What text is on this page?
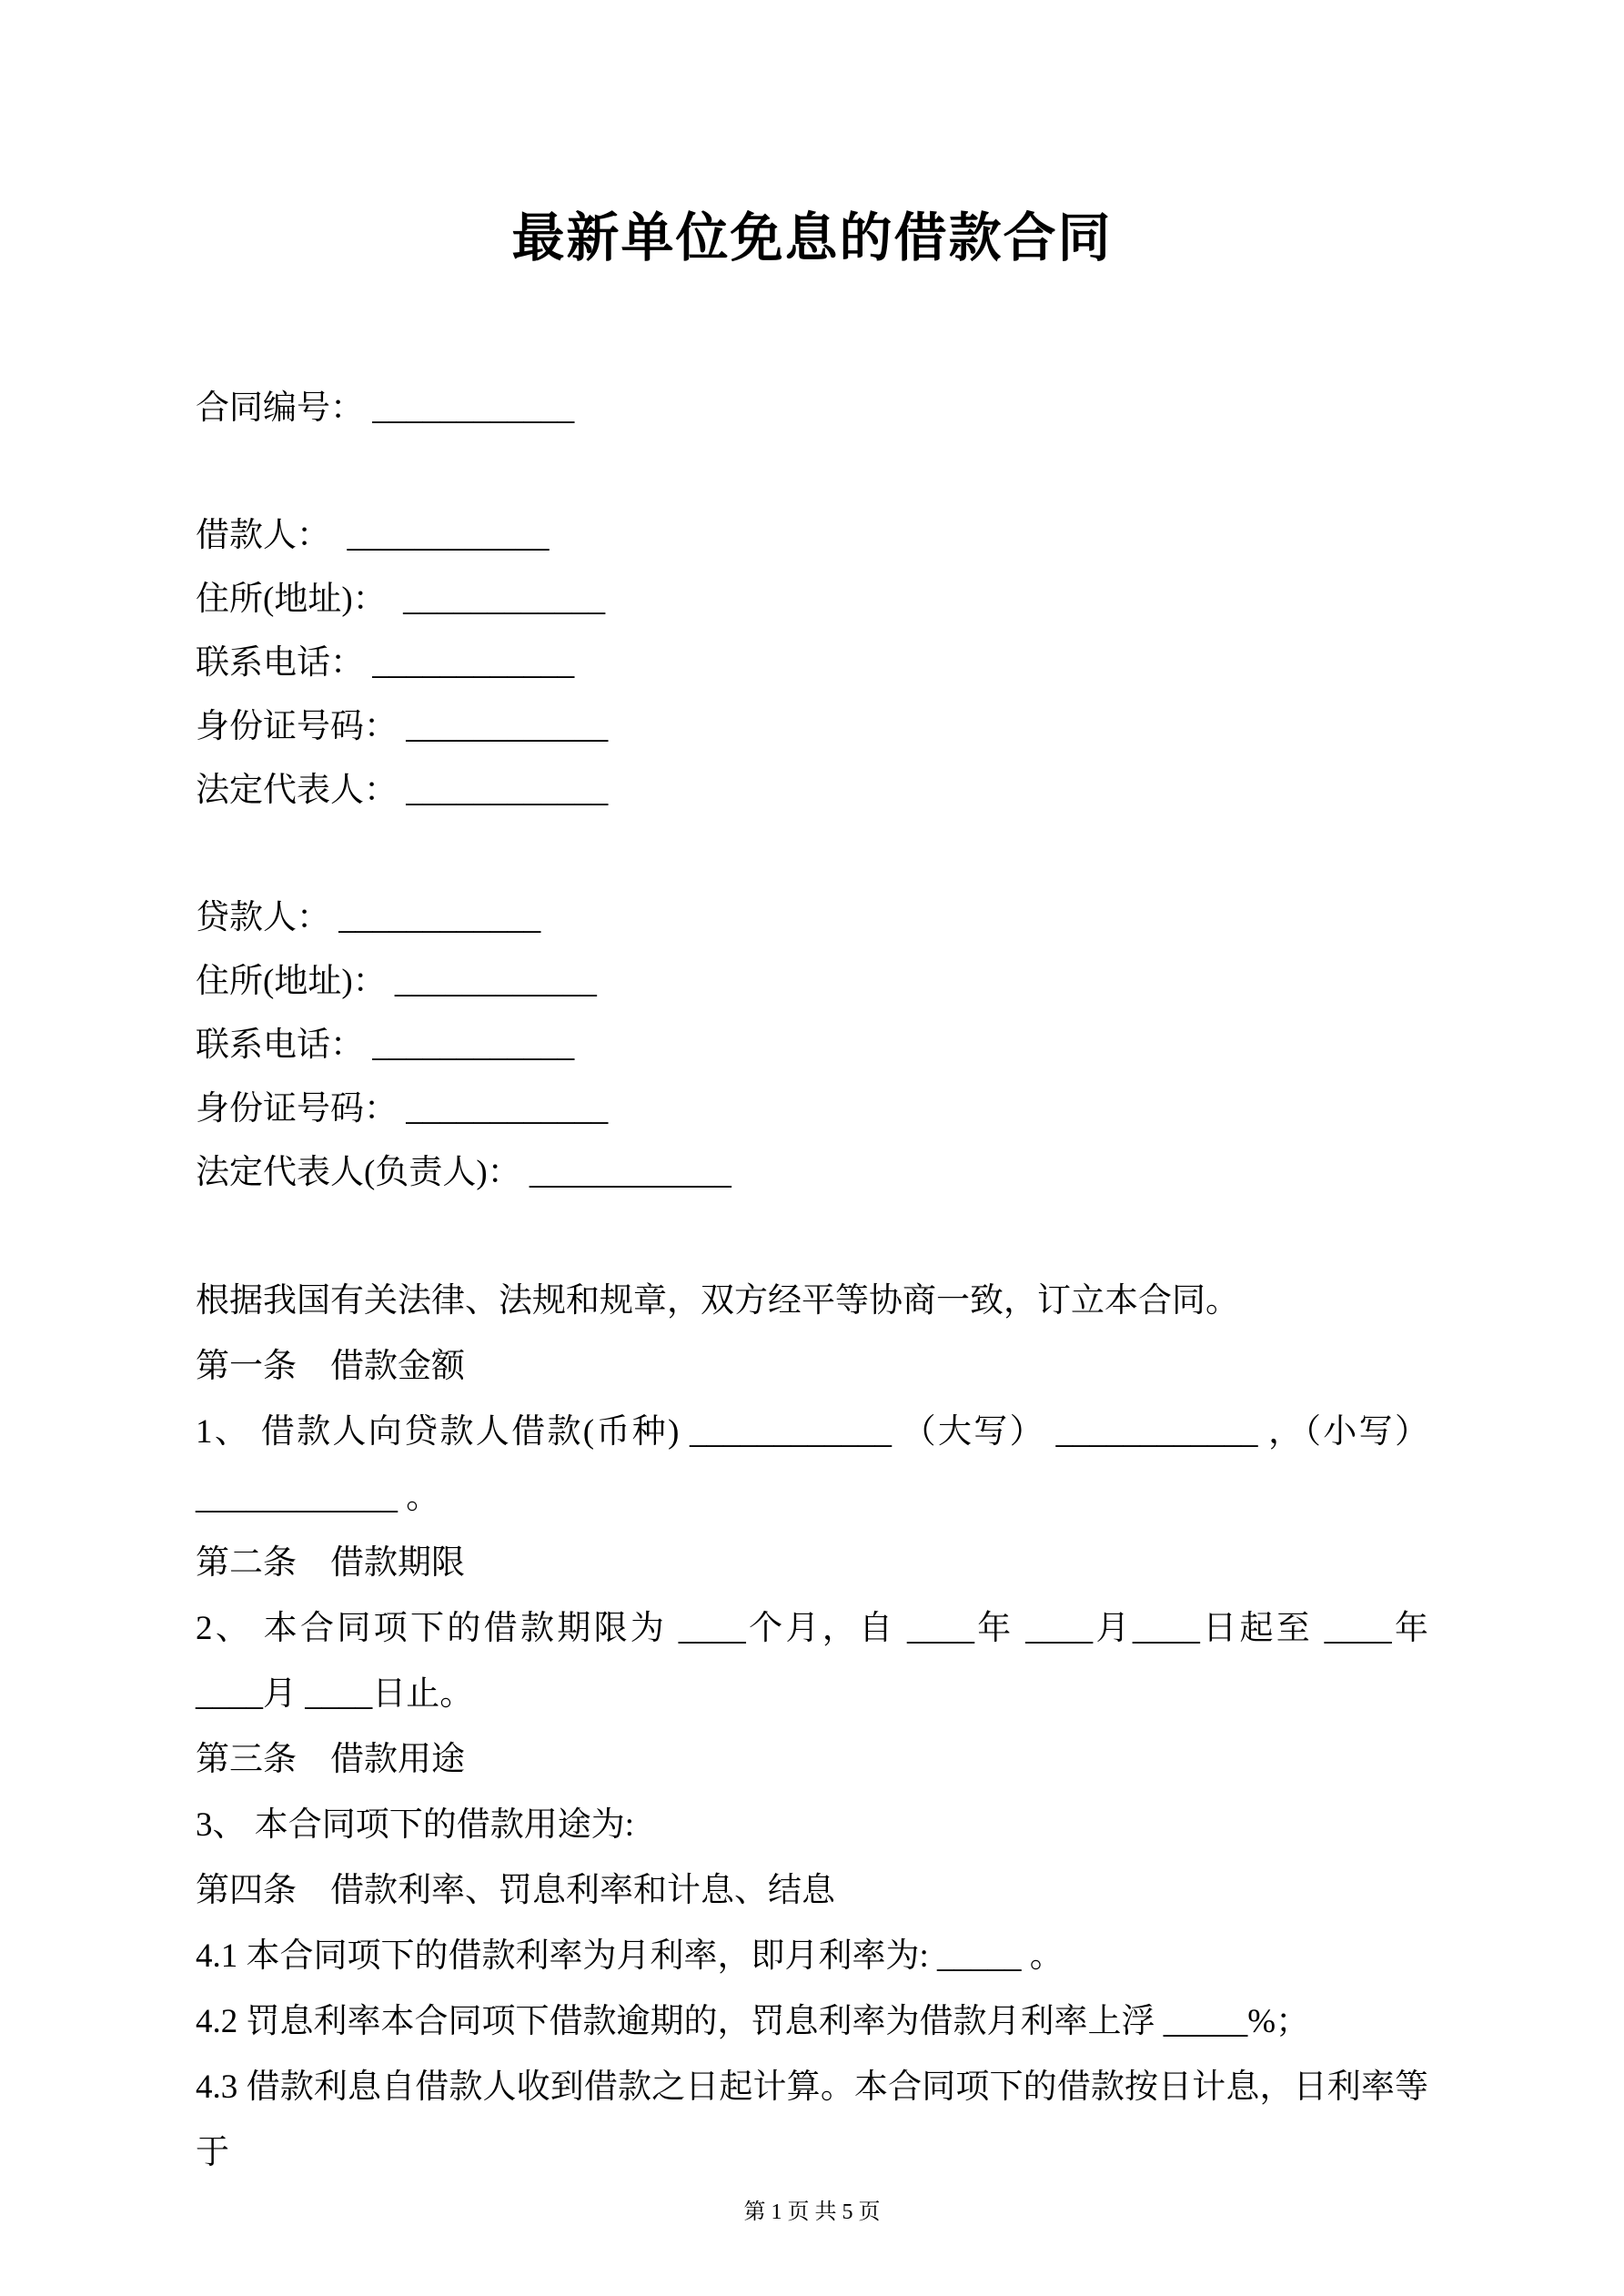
最新单位免息的借款合同
合同编号： ____________
借款人：  ____________
住所(地址)：  ____________
联系电话： ____________
身份证号码： ____________
法定代表人： ____________
贷款人： ____________
住所(地址)： ____________
联系电话： ____________
身份证号码： ____________
法定代表人(负责人)： ____________
根据我国有关法律、法规和规章，双方经平等协商一致，订立本合同。
第一条　借款金额
1、 借款人向贷款人借款(币种) ____________ （大写） ____________ ，（小写）
____________ 。
第二条　借款期限
2、 本合同项下的借款期限为 ____个月，自 ____年 ____月____日起至 ____年
____月 ____日止。
第三条　借款用途
3、 本合同项下的借款用途为:
第四条　借款利率、罚息利率和计息、结息
4.1 本合同项下的借款利率为月利率，即月利率为: _____ 。
4.2 罚息利率本合同项下借款逾期的，罚息利率为借款月利率上浮 _____%；
4.3 借款利息自借款人收到借款之日起计算。本合同项下的借款按日计息，日利率等于
第 1 页 共 5 页
